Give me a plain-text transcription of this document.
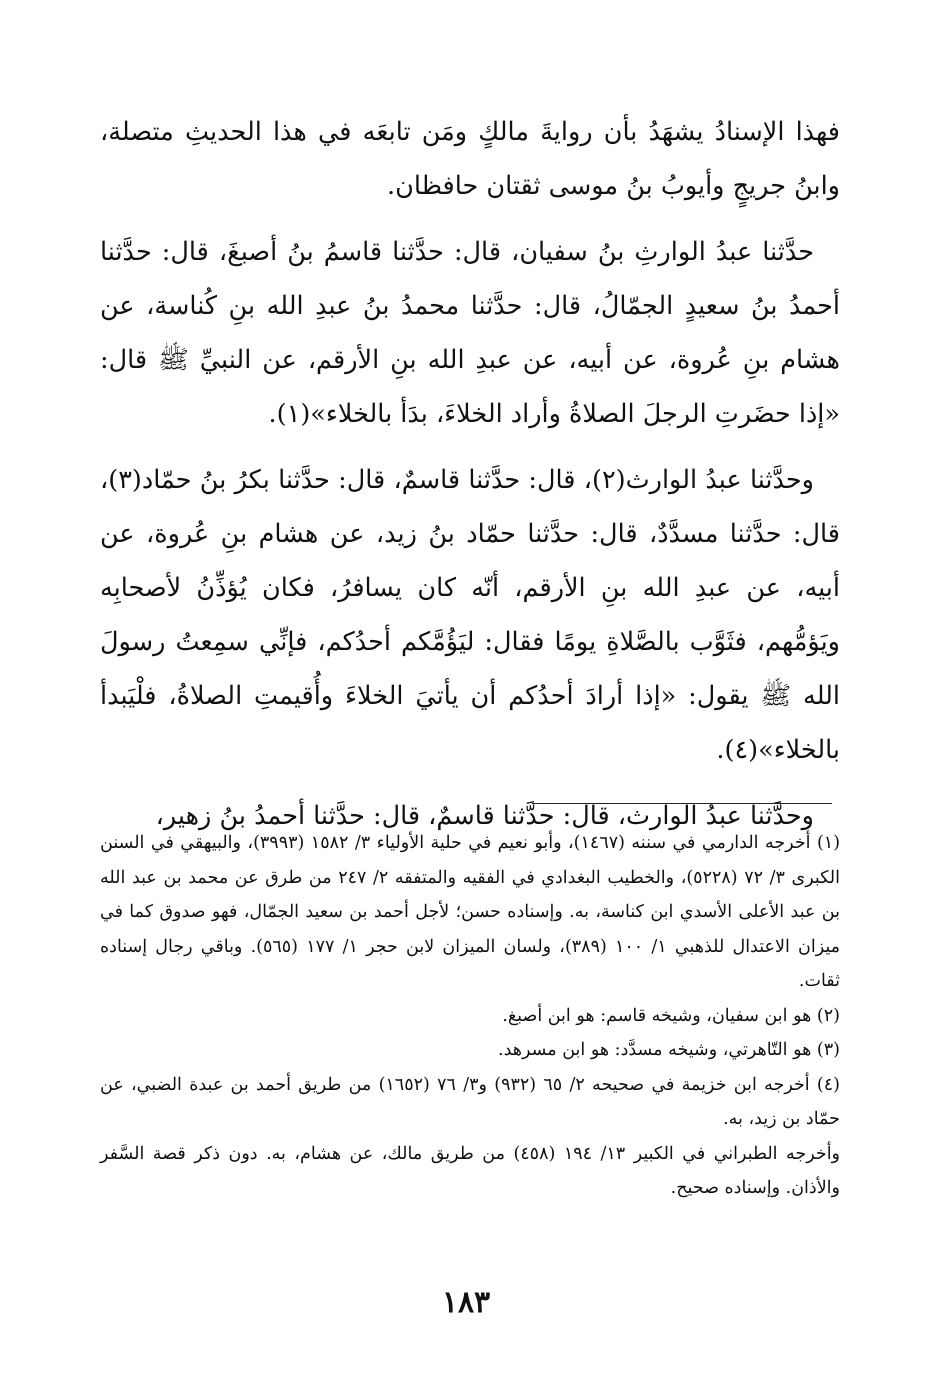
فهذا الإسنادُ يشهَدُ بأن روايةَ مالكٍ ومَن تابعَه في هذا الحديثِ متصلة، وابنُ جريجٍ وأيوبُ بنُ موسى ثقتان حافظان.

حدَّثنا عبدُ الوارثِ بنُ سفيان، قال: حدَّثنا قاسمُ بنُ أصبغَ، قال: حدَّثنا أحمدُ بنُ سعيدٍ الجمّالُ، قال: حدَّثنا محمدُ بنُ عبدِ الله بنِ كُناسة، عن هشام بنِ عُروة، عن أبيه، عن عبدِ الله بنِ الأرقم، عن النبيِّ ﷺ قال: «إذا حضَرتِ الرجلَ الصلاةُ وأراد الخلاءَ، بدَأ بالخلاء»(١).

وحدَّثنا عبدُ الوارث(٢)، قال: حدَّثنا قاسمٌ، قال: حدَّثنا بكرُ بنُ حمّاد(٣)، قال: حدَّثنا مسدَّدٌ، قال: حدَّثنا حمّاد بنُ زيد، عن هشام بنِ عُروة، عن أبيه، عن عبدِ الله بنِ الأرقم، أنّه كان يسافرُ، فكان يُؤذِّنُ لأصحابِه ويَؤمُّهم، فثَوَّب بالصَّلاةِ يومًا فقال: ليَؤُمَّكم أحدُكم، فإنِّي سمِعتُ رسولَ الله ﷺ يقول: «إذا أرادَ أحدُكم أن يأتيَ الخلاءَ وأُقيمتِ الصلاةُ، فلْيَبدأ بالخلاء»(٤).

وحدَّثنا عبدُ الوارث، قال: حدَّثنا قاسمٌ، قال: حدَّثنا أحمدُ بنُ زهير،

(١) أخرجه الدارمي في سننه (١٤٦٧)، وأبو نعيم في حلية الأولياء ٣/ ١٥٨٢ (٣٩٩٣)، والبيهقي في السنن الكبرى ٣/ ٧٢ (٥٢٢٨)، والخطيب البغدادي في الفقيه والمتفقه ٢/ ٢٤٧ من طرق عن محمد بن عبد الله بن عبد الأعلى الأسدي ابن كناسة، به. وإسناده حسن؛ لأجل أحمد بن سعيد الجمّال، فهو صدوق كما في ميزان الاعتدال للذهبي ١/ ١٠٠ (٣٨٩)، ولسان الميزان لابن حجر ١/ ١٧٧ (٥٦٥). وباقي رجال إسناده ثقات.

(٢) هو ابن سفيان، وشيخه قاسم: هو ابن أصبغ.

(٣) هو التّاهرتي، وشيخه مسدَّد: هو ابن مسرهد.

(٤) أخرجه ابن خزيمة في صحيحه ٢/ ٦٥ (٩٣٢) و٣/ ٧٦ (١٦٥٢) من طريق أحمد بن عبدة الضبي، عن حمّاد بن زيد، به.

وأخرجه الطبراني في الكبير ١٣/ ١٩٤ (٤٥٨) من طريق مالك، عن هشام، به. دون ذكر قصة السَّفر والأذان. وإسناده صحيح.

١٨٣
